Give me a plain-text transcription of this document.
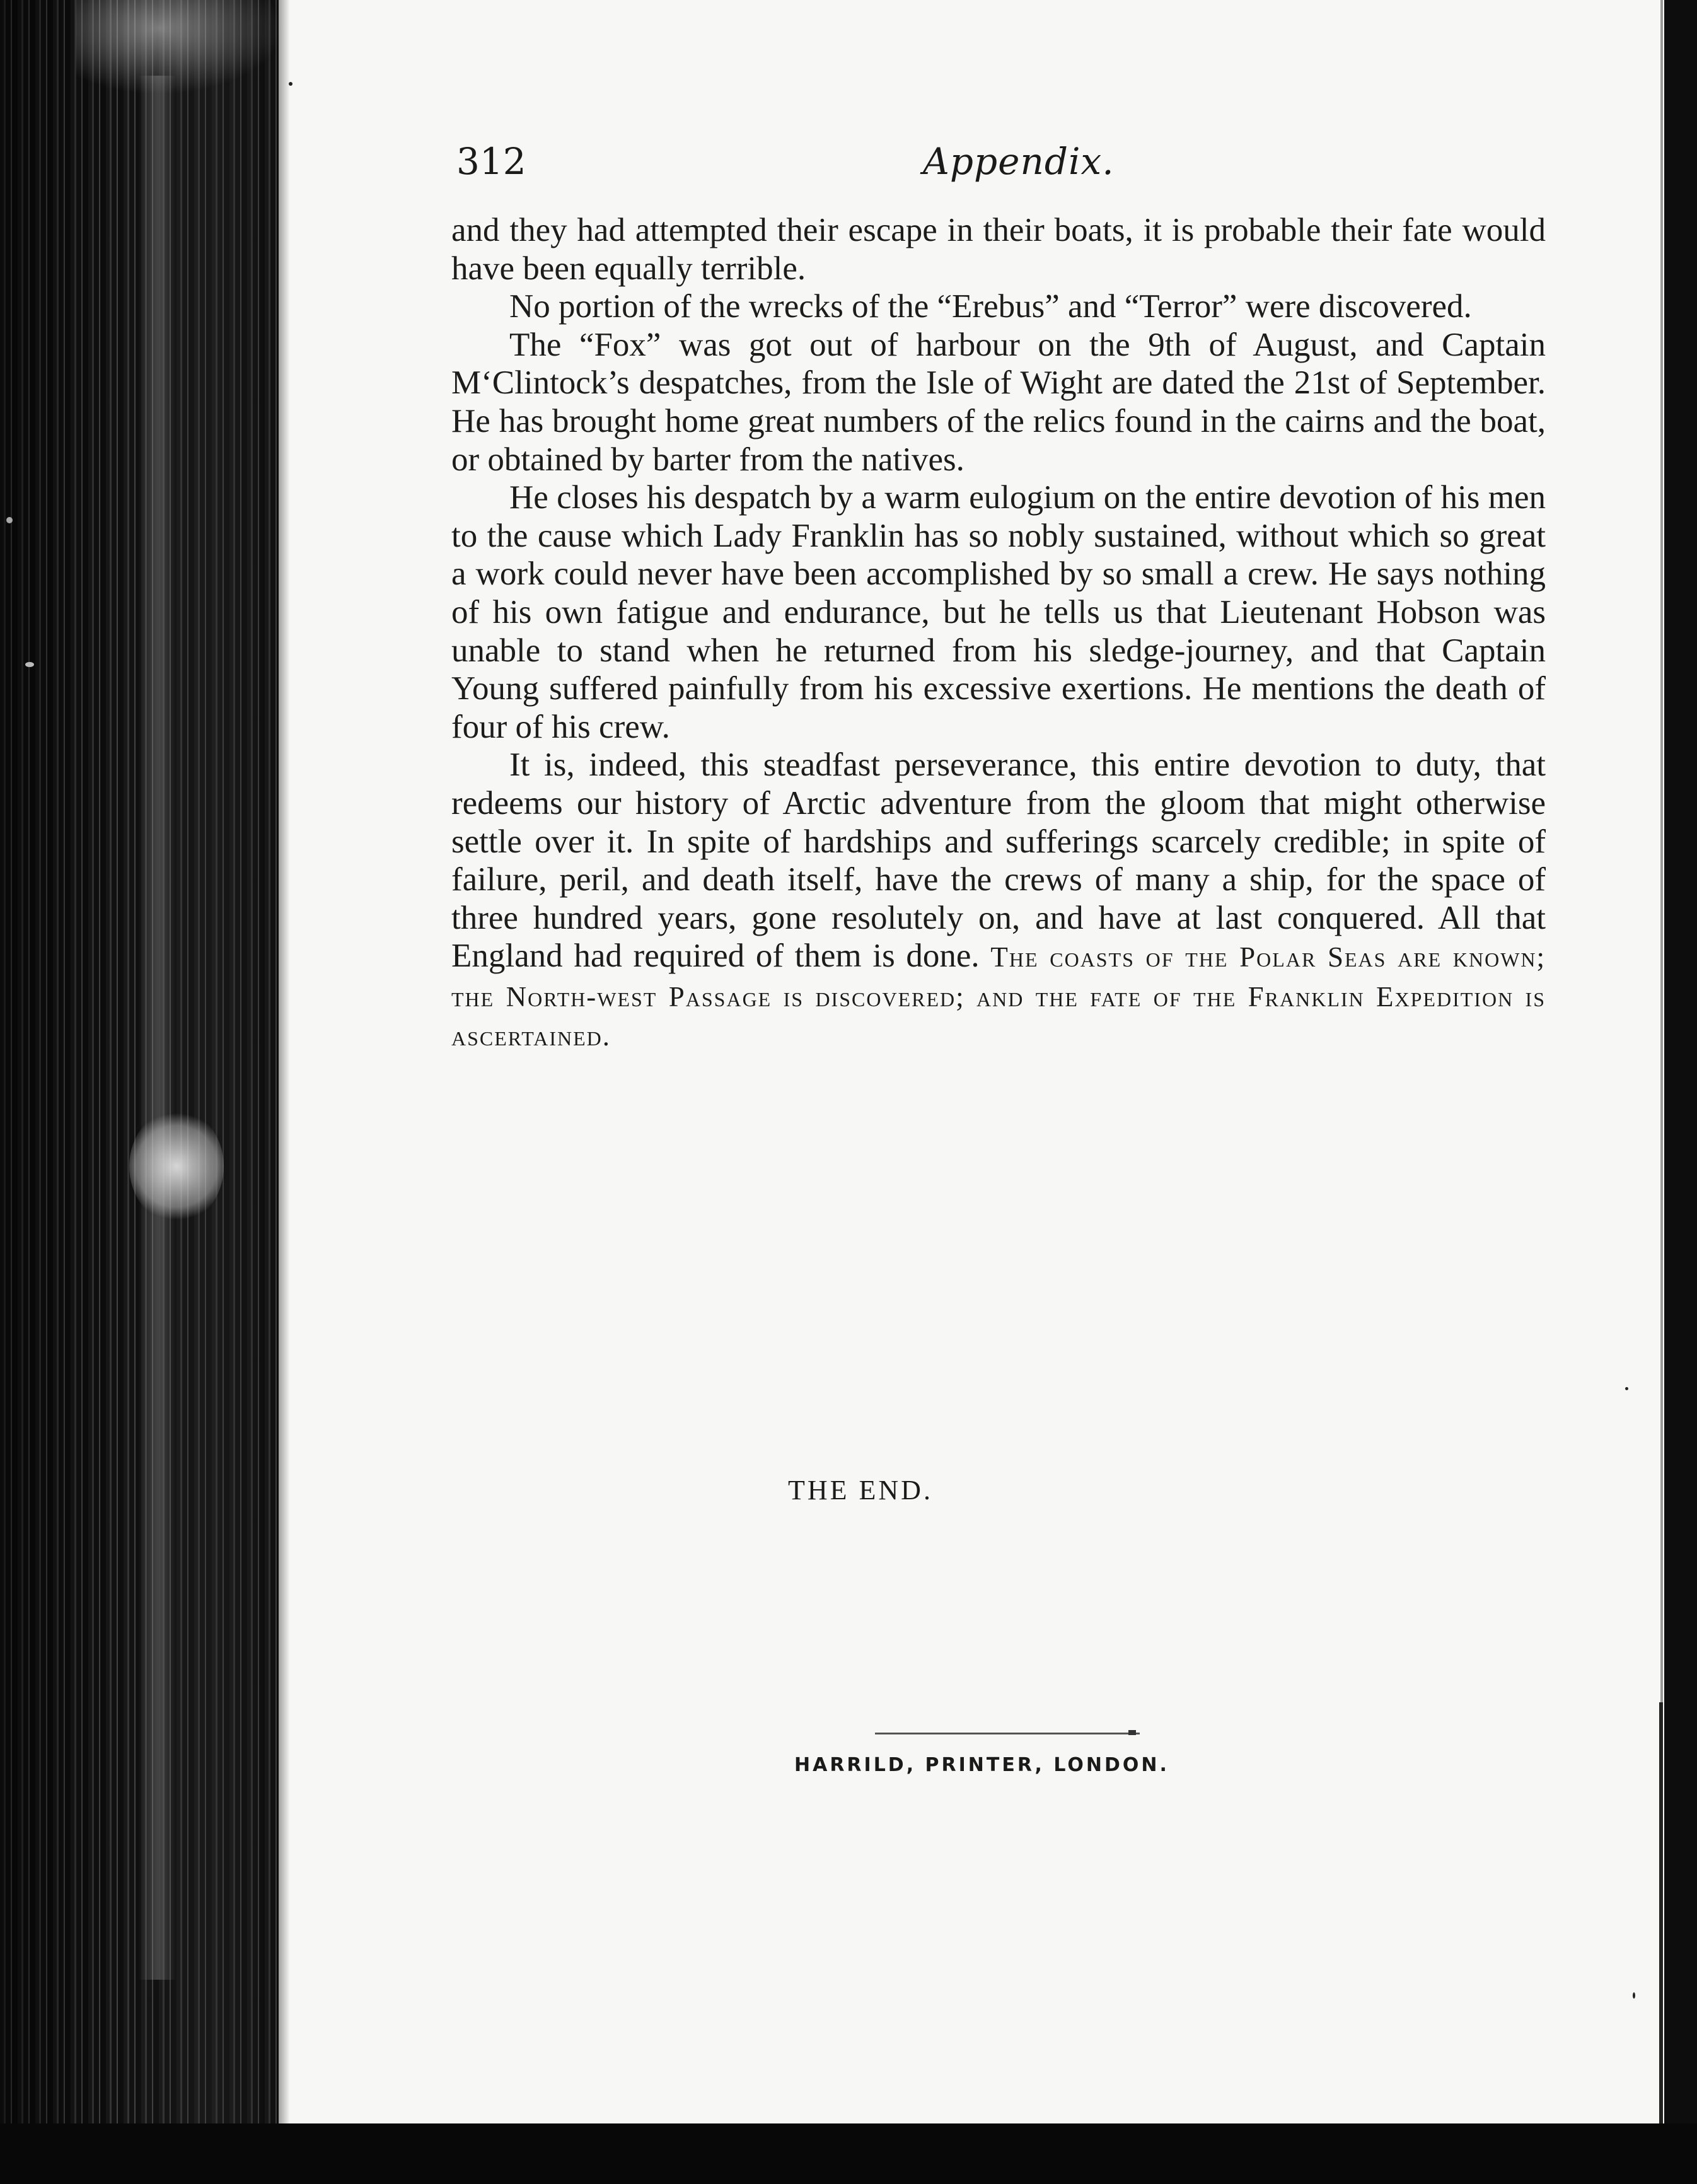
312	Appendix.

and they had attempted their escape in their boats, it is probable their fate would have been equally terrible.

No portion of the wrecks of the “Erebus” and “Terror” were discovered.

The “Fox” was got out of harbour on the 9th of August, and Captain M‘Clintock’s despatches, from the Isle of Wight are dated the 21st of September. He has brought home great numbers of the relics found in the cairns and the boat, or obtained by barter from the natives.

He closes his despatch by a warm eulogium on the entire devotion of his men to the cause which Lady Franklin has so nobly sustained, without which so great a work could never have been accomplished by so small a crew. He says nothing of his own fatigue and endurance, but he tells us that Lieutenant Hobson was unable to stand when he returned from his sledge-journey, and that Captain Young suffered painfully from his excessive exertions. He mentions the death of four of his crew.

It is, indeed, this steadfast perseverance, this entire devotion to duty, that redeems our history of Arctic adventure from the gloom that might otherwise settle over it. In spite of hardships and sufferings scarcely credible; in spite of failure, peril, and death itself, have the crews of many a ship, for the space of three hundred years, gone resolutely on, and have at last conquered. All that England had required of them is done. The coasts of the Polar Seas are known; the North-west Passage is discovered; and the fate of the Franklin Expedition is ascertained.

THE END.
HARRILD, PRINTER, LONDON.
